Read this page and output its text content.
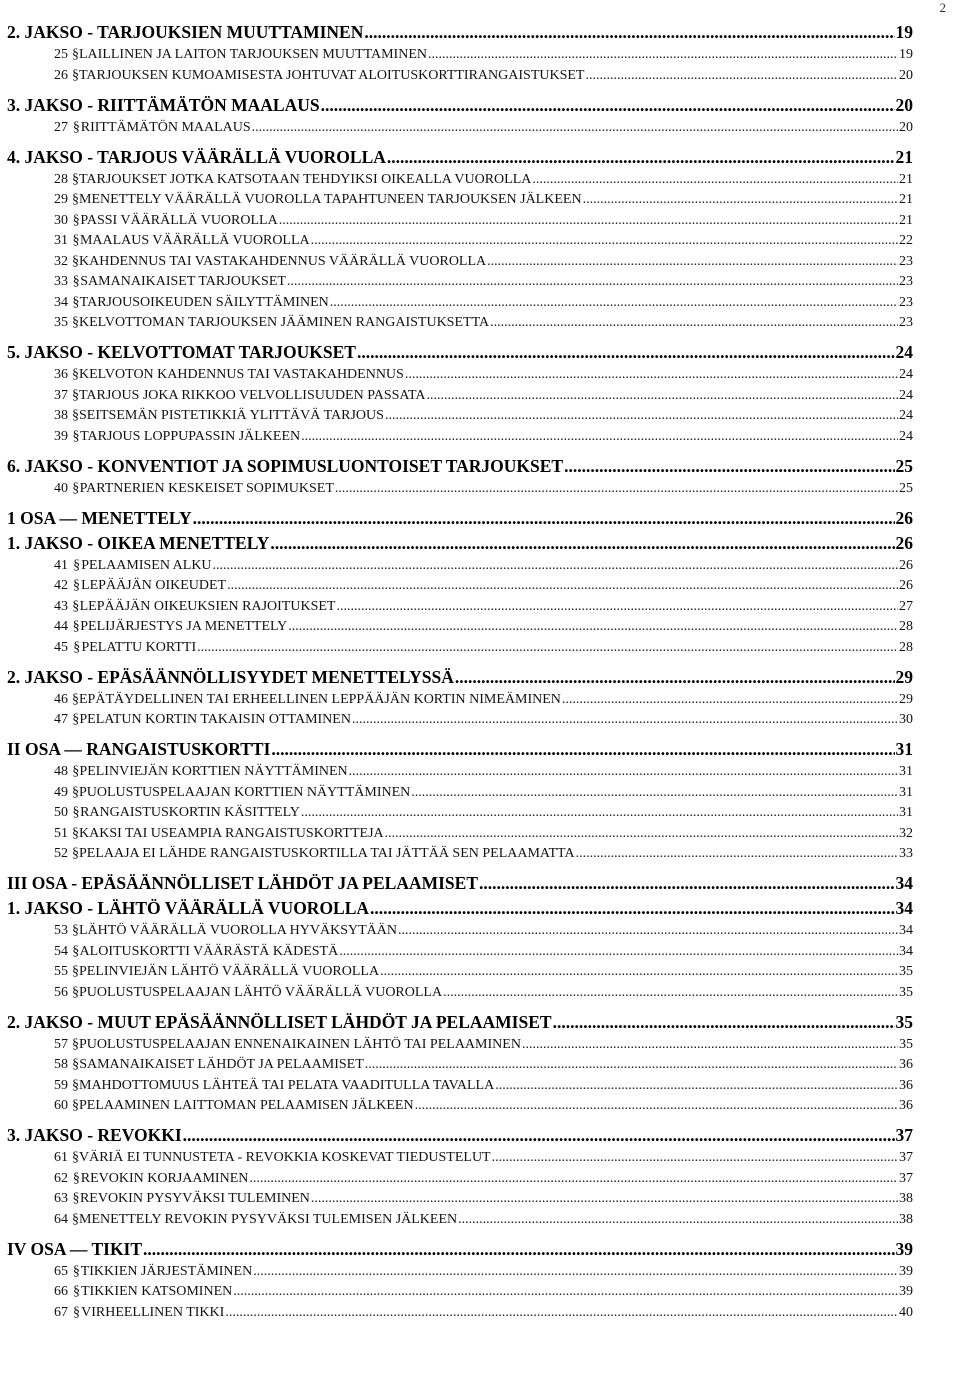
2
2. JAKSO - TARJOUKSIEN MUUTTAMINEN .....	19
25 § LAILLINEN JA LAITON TARJOUKSEN MUUTTAMINEN .....	19
26 § TARJOUKSEN KUMOAMISESTA JOHTUVAT ALOITUSKORTTIRANGAISTUKSET .....	20
3. JAKSO - RIITTÄMÄTÖN MAALAUS .....	20
27 § RIITTÄMÄTÖN MAALAUS .....	20
4. JAKSO - TARJOUS VÄÄRÄLLÄ VUOROLLA .....	21
28 § TARJOUKSET JOTKA KATSOTAAN TEHDYIKSI OIKEALLA VUOROLLA .....	21
29 § MENETTELY VÄÄRÄLLÄ VUOROLLA TAPAHTUNEEN TARJOUKSEN JÄLKEEN .....	21
30 § PASSI VÄÄRÄLLÄ VUOROLLA .....	21
31 § MAALAUS VÄÄRÄLLÄ VUOROLLA .....	22
32 § KAHDENNUS TAI VASTAKAHDENNUS VÄÄRÄLLÄ VUOROLLA .....	23
33 § SAMANAIKAISET TARJOUKSET .....	23
34 § TARJOUSOIKEUDEN SÄILYTTÄMINEN .....	23
35 § KELVOTTOMAN TARJOUKSEN JÄÄMINEN RANGAISTUKSETTA .....	23
5. JAKSO - KELVOTTOMAT TARJOUKSET .....	24
36 § KELVOTON KAHDENNUS TAI VASTAKAHDENNUS .....	24
37 § TARJOUS JOKA RIKKOO VELVOLLISUUDEN PASSATA .....	24
38 § SEITSEMÄN PISTETIKKIÄ YLITTÄVÄ TARJOUS .....	24
39 § TARJOUS LOPPUPASSIN JÄLKEEN .....	24
6. JAKSO - KONVENTIOT JA SOPIMUSLUONTOISET TARJOUKSET .....	25
40 § PARTNERIEN KESKEISET SOPIMUKSET .....	25
1 OSA — MENETTELY .....	26
1. JAKSO - OIKEA MENETTELY .....	26
41 § PELAAMISEN ALKU .....	26
42 § LEPÄÄJÄN OIKEUDET .....	26
43 § LEPÄÄJÄN OIKEUKSIEN RAJOITUKSET .....	27
44 § PELIJÄRJESTYS JA MENETTELY .....	28
45 § PELATTU KORTTI .....	28
2. JAKSO - EPÄSÄÄNNÖLLISYYDET MENETTELYSSÄ .....	29
46 § EPÄTÄYDELLINEN TAI ERHEELLINEN LEPPÄÄJÄN KORTIN NIMEÄMINEN .....	29
47 § PELATUN KORTIN TAKAISIN OTTAMINEN .....	30
II OSA — RANGAISTUSKORTTI .....	31
48 § PELINVIEJÄN KORTTIEN NÄYTTÄMINEN .....	31
49 § PUOLUSTUSPELAAJAN KORTTIEN NÄYTTÄMINEN .....	31
50 § RANGAISTUSKORTIN KÄSITTELY .....	31
51 § KAKSI TAI USEAMPIA RANGAISTUSKORTTEJA .....	32
52 § PELAAJA EI LÄHDE RANGAISTUSKORTILLA TAI JÄTTÄÄ SEN PELAAMATTA .....	33
III OSA - EPÄSÄÄNNÖLLISET LÄHDÖT JA PELAAMISET .....	34
1. JAKSO - LÄHTÖ VÄÄRÄLLÄ VUOROLLA .....	34
53 § LÄHTÖ VÄÄRÄLLÄ VUOROLLA HYVÄKSYTÄÄN .....	34
54 § ALOITUSKORTTI VÄÄRÄSTÄ KÄDESTÄ .....	34
55 § PELINVIEJÄN LÄHTÖ VÄÄRÄLLÄ VUOROLLA .....	35
56 § PUOLUSTUSPELAAJAN LÄHTÖ VÄÄRÄLLÄ VUOROLLA .....	35
2. JAKSO - MUUT EPÄSÄÄNNÖLLISET LÄHDÖT JA PELAAMISET .....	35
57 § PUOLUSTUSPELAAJAN ENNENAIKAINEN LÄHTÖ TAI PELAAMINEN .....	35
58 § SAMANAIKAISET LÄHDÖT JA PELAAMISET .....	36
59 § MAHDOTTOMUUS LÄHTEÄ TAI PELATA VAADITULLA TAVALLA .....	36
60 § PELAAMINEN LAITTOMAN PELAAMISEN JÄLKEEN .....	36
3. JAKSO - REVOKKI .....	37
61 § VÄRIÄ EI TUNNUSTETA - REVOKKIA KOSKEVAT TIEDUSTELUT .....	37
62 § REVOKIN KORJAAMINEN .....	37
63 § REVOKIN PYSYVÄKSI TULEMINEN .....	38
64 § MENETTELY REVOKIN PYSYVÄKSI TULEMISEN JÄLKEEN .....	38
IV OSA — TIKIT .....	39
65 § TIKKIEN JÄRJESTÄMINEN .....	39
66 § TIKKIEN KATSOMINEN .....	39
67 § VIRHEELLINEN TIKKI .....	40
